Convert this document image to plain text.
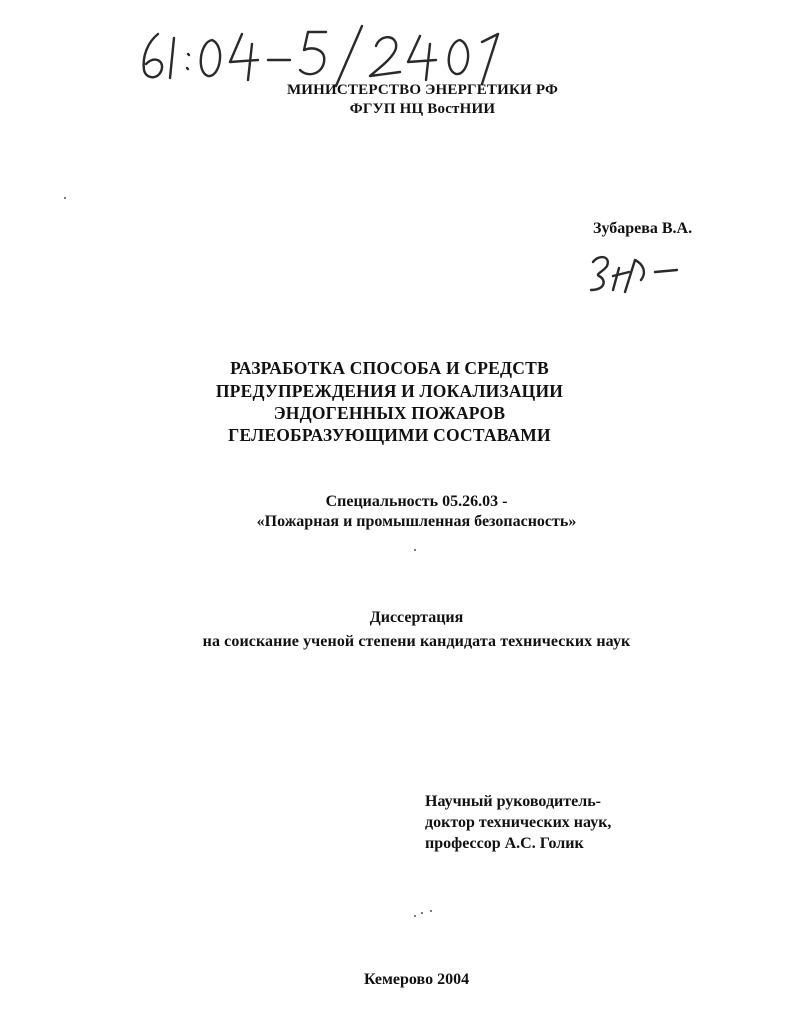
МИНИСТЕРСТВО ЭНЕРГЕТИКИ РФ
ФГУП НЦ ВостНИИ
Зубарева В.А.
РАЗРАБОТКА СПОСОБА И СРЕДСТВ
ПРЕДУПРЕЖДЕНИЯ И ЛОКАЛИЗАЦИИ
ЭНДОГЕННЫХ ПОЖАРОВ
ГЕЛЕОБРАЗУЮЩИМИ СОСТАВАМИ
Специальность 05.26.03 -
«Пожарная и промышленная безопасность»
Диссертация
на соискание ученой степени кандидата технических наук
Научный руководитель-
доктор технических наук,
профессор А.С. Голик
Кемерово 2004
